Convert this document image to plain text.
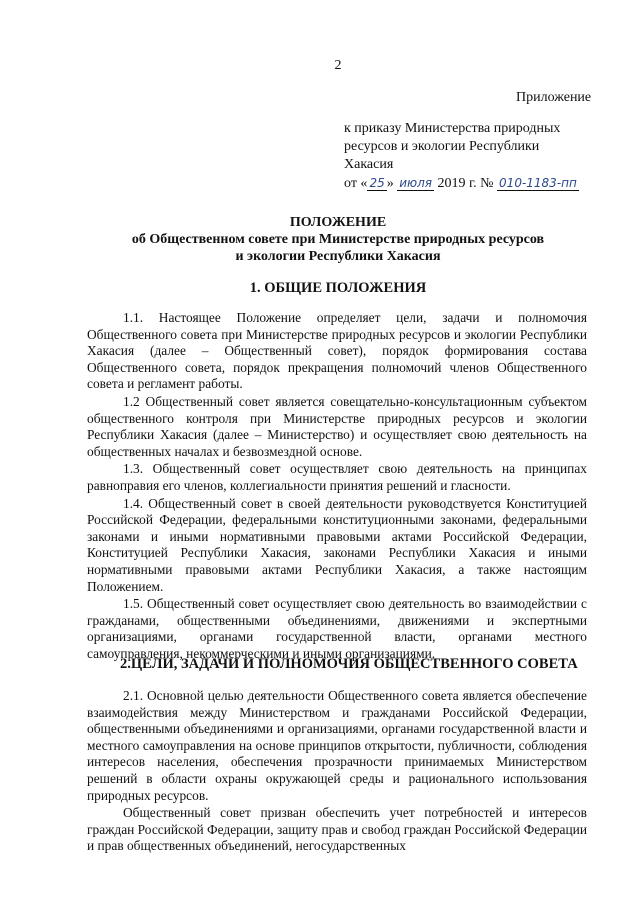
2
Приложение
к приказу Министерства природных
ресурсов и экологии Республики
Хакасия
от « 25 » июля 2019 г. № 010-1183-пп
ПОЛОЖЕНИЕ
об Общественном совете при Министерстве природных ресурсов
и экологии Республики Хакасия
1. ОБЩИЕ ПОЛОЖЕНИЯ

1.1. Настоящее Положение определяет цели, задачи и полномочия Общественного совета при Министерстве природных ресурсов и экологии Республики Хакасия (далее – Общественный совет), порядок формирования состава Общественного совета, порядок прекращения полномочий членов Общественного совета и регламент работы.

1.2 Общественный совет является совещательно-консультационным субъектом общественного контроля при Министерстве природных ресурсов и экологии Республики Хакасия (далее – Министерство) и осуществляет свою деятельность на общественных началах и безвозмездной основе.

1.3. Общественный совет осуществляет свою деятельность на принципах равноправия его членов, коллегиальности принятия решений и гласности.

1.4. Общественный совет в своей деятельности руководствуется Конституцией Российской Федерации, федеральными конституционными законами, федеральными законами и иными нормативными правовыми актами Российской Федерации, Конституцией Республики Хакасия, законами Республики Хакасия и иными нормативными правовыми актами Республики Хакасия, а также настоящим Положением.

1.5. Общественный совет осуществляет свою деятельность во взаимодействии с гражданами, общественными объединениями, движениями и экспертными организациями, органами государственной власти, органами местного самоуправления, некоммерческими и иными организациями.

2.ЦЕЛИ, ЗАДАЧИ И ПОЛНОМОЧИЯ ОБЩЕСТВЕННОГО СОВЕТА

2.1. Основной целью деятельности Общественного совета является обеспечение взаимодействия между Министерством и гражданами Российской Федерации, общественными объединениями и организациями, органами государственной власти и местного самоуправления на основе принципов открытости, публичности, соблюдения интересов населения, обеспечения прозрачности принимаемых Министерством решений в области охраны окружающей среды и рационального использования природных ресурсов.

Общественный совет призван обеспечить учет потребностей и интересов граждан Российской Федерации, защиту прав и свобод граждан Российской Федерации и прав общественных объединений, негосударственных
